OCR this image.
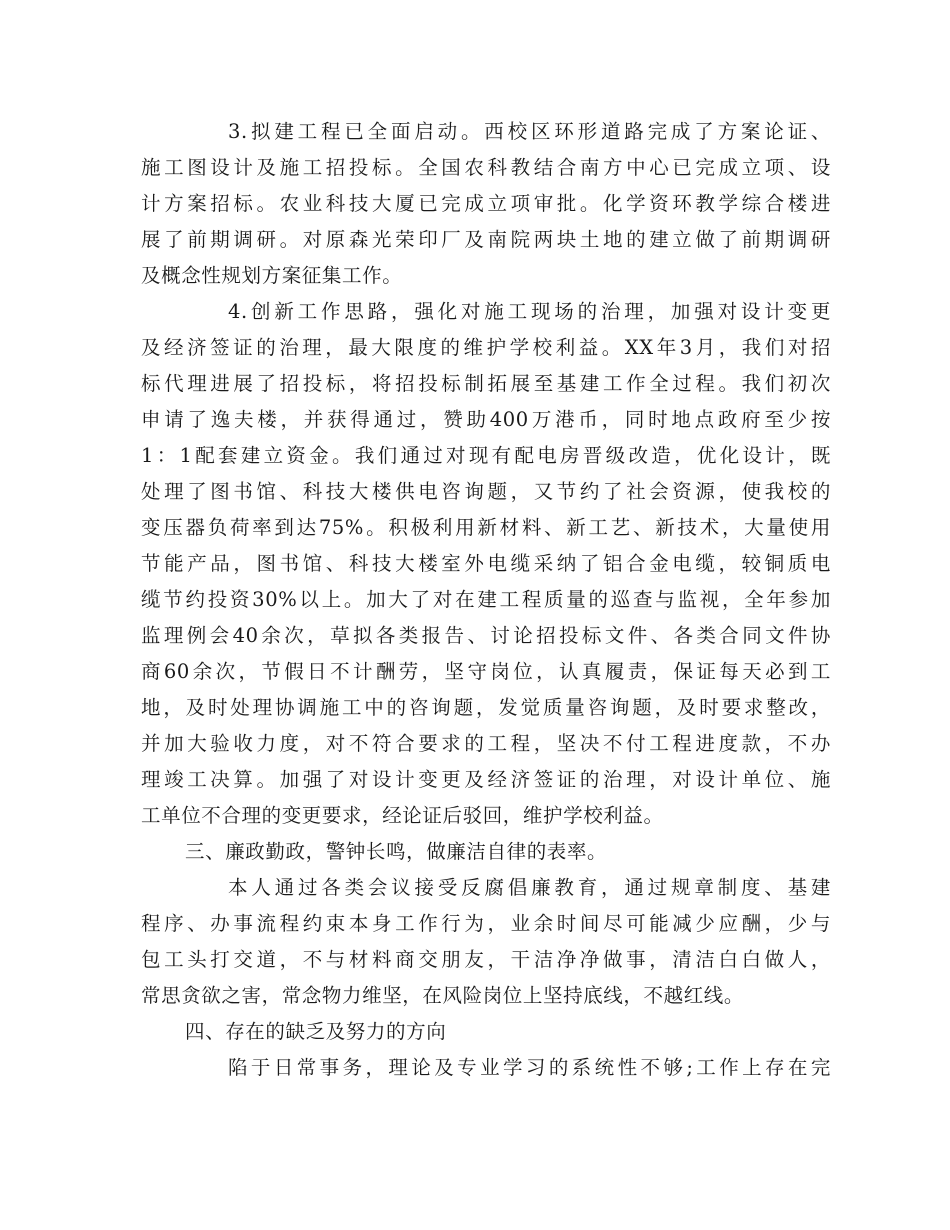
3.拟建工程已全面启动。西校区环形道路完成了方案论证、
施工图设计及施工招投标。全国农科教结合南方中心已完成立项、设
计方案招标。农业科技大厦已完成立项审批。化学资环教学综合楼进
展了前期调研。对原森光荣印厂及南院两块土地的建立做了前期调研
及概念性规划方案征集工作。
4.创新工作思路，强化对施工现场的治理，加强对设计变更
及经济签证的治理，最大限度的维护学校利益。XX年3月，我们对招
标代理进展了招投标，将招投标制拓展至基建工作全过程。我们初次
申请了逸夫楼，并获得通过，赞助400万港币，同时地点政府至少按
1：1配套建立资金。我们通过对现有配电房晋级改造，优化设计，既
处理了图书馆、科技大楼供电咨询题，又节约了社会资源，使我校的
变压器负荷率到达75%。积极利用新材料、新工艺、新技术，大量使用
节能产品，图书馆、科技大楼室外电缆采纳了铝合金电缆，较铜质电
缆节约投资30%以上。加大了对在建工程质量的巡查与监视，全年参加
监理例会40余次，草拟各类报告、讨论招投标文件、各类合同文件协
商60余次，节假日不计酬劳，坚守岗位，认真履责，保证每天必到工
地，及时处理协调施工中的咨询题，发觉质量咨询题，及时要求整改，
并加大验收力度，对不符合要求的工程，坚决不付工程进度款，不办
理竣工决算。加强了对设计变更及经济签证的治理，对设计单位、施
工单位不合理的变更要求，经论证后驳回，维护学校利益。
三、廉政勤政，警钟长鸣，做廉洁自律的表率。
本人通过各类会议接受反腐倡廉教育，通过规章制度、基建
程序、办事流程约束本身工作行为，业余时间尽可能减少应酬，少与
包工头打交道，不与材料商交朋友，干洁净净做事，清洁白白做人，
常思贪欲之害，常念物力维坚，在风险岗位上坚持底线，不越红线。
四、存在的缺乏及努力的方向
陷于日常事务，理论及专业学习的系统性不够;工作上存在完
